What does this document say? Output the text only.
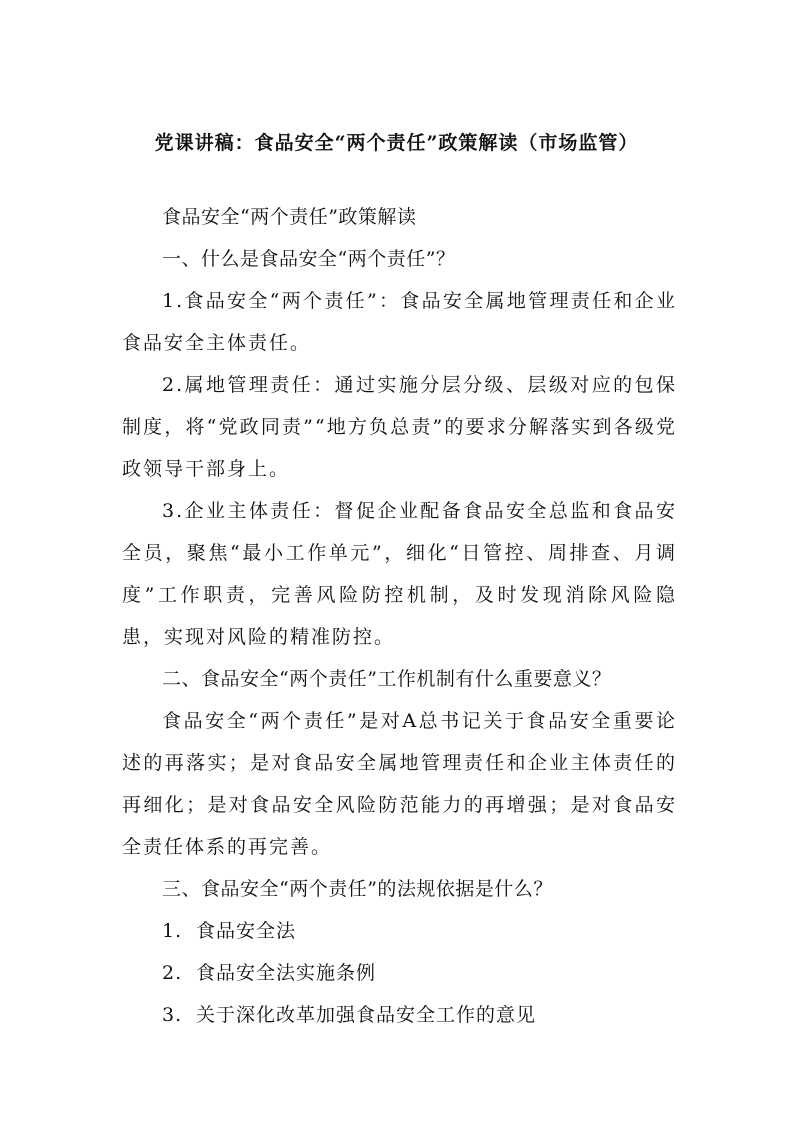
党课讲稿：食品安全“两个责任”政策解读（市场监管）

食品安全“两个责任”政策解读

一、什么是食品安全“两个责任”？

1.食品安全“两个责任”：食品安全属地管理责任和企业食品安全主体责任。

2.属地管理责任：通过实施分层分级、层级对应的包保制度，将“党政同责”“地方负总责”的要求分解落实到各级党政领导干部身上。

3.企业主体责任：督促企业配备食品安全总监和食品安全员，聚焦“最小工作单元”，细化“日管控、周排查、月调度”工作职责，完善风险防控机制，及时发现消除风险隐患，实现对风险的精准防控。

二、食品安全“两个责任”工作机制有什么重要意义？

食品安全“两个责任”是对A总书记关于食品安全重要论述的再落实；是对食品安全属地管理责任和企业主体责任的再细化；是对食品安全风险防范能力的再增强；是对食品安全责任体系的再完善。

三、食品安全“两个责任”的法规依据是什么？

1. 食品安全法

2. 食品安全法实施条例

3. 关于深化改革加强食品安全工作的意见
